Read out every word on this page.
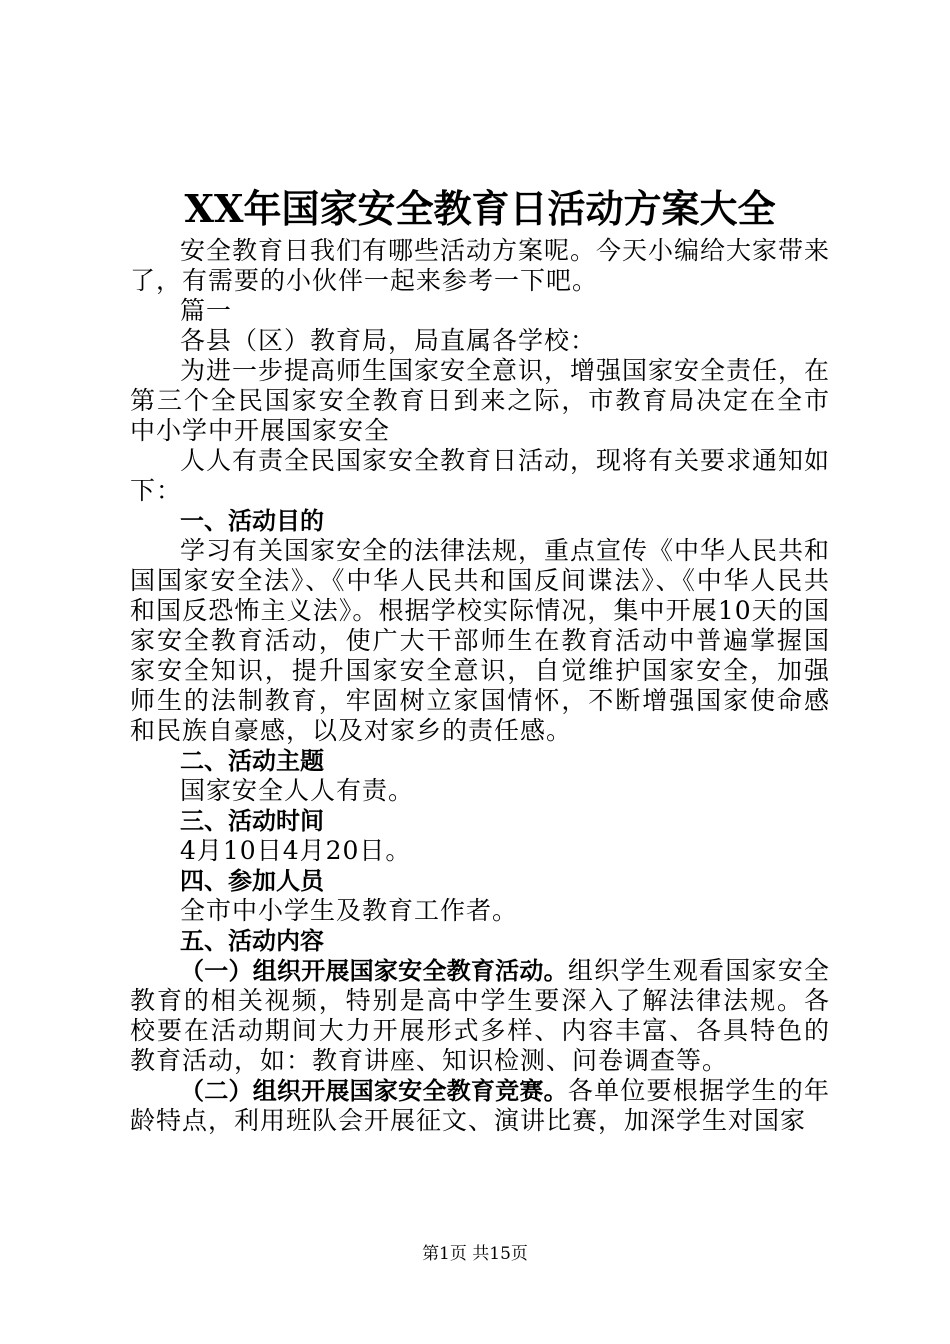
XX年国家安全教育日活动方案大全

安全教育日我们有哪些活动方案呢。今天小编给大家带来了，有需要的小伙伴一起来参考一下吧。

篇一

各县（区）教育局，局直属各学校：

为进一步提高师生国家安全意识，增强国家安全责任，在第三个全民国家安全教育日到来之际，市教育局决定在全市中小学中开展国家安全

人人有责全民国家安全教育日活动，现将有关要求通知如下：

一、活动目的

学习有关国家安全的法律法规，重点宣传《中华人民共和国国家安全法》、《中华人民共和国反间谍法》、《中华人民共和国反恐怖主义法》。根据学校实际情况，集中开展10天的国家安全教育活动，使广大干部师生在教育活动中普遍掌握国家安全知识，提升国家安全意识，自觉维护国家安全，加强师生的法制教育，牢固树立家国情怀，不断增强国家使命感和民族自豪感，以及对家乡的责任感。

二、活动主题

国家安全人人有责。

三、活动时间

4月10日4月20日。

四、参加人员

全市中小学生及教育工作者。

五、活动内容

（一）组织开展国家安全教育活动。组织学生观看国家安全教育的相关视频，特别是高中学生要深入了解法律法规。各校要在活动期间大力开展形式多样、内容丰富、各具特色的教育活动，如：教育讲座、知识检测、问卷调查等。

（二）组织开展国家安全教育竞赛。各单位要根据学生的年龄特点，利用班队会开展征文、演讲比赛，加深学生对国家

第1页 共15页
